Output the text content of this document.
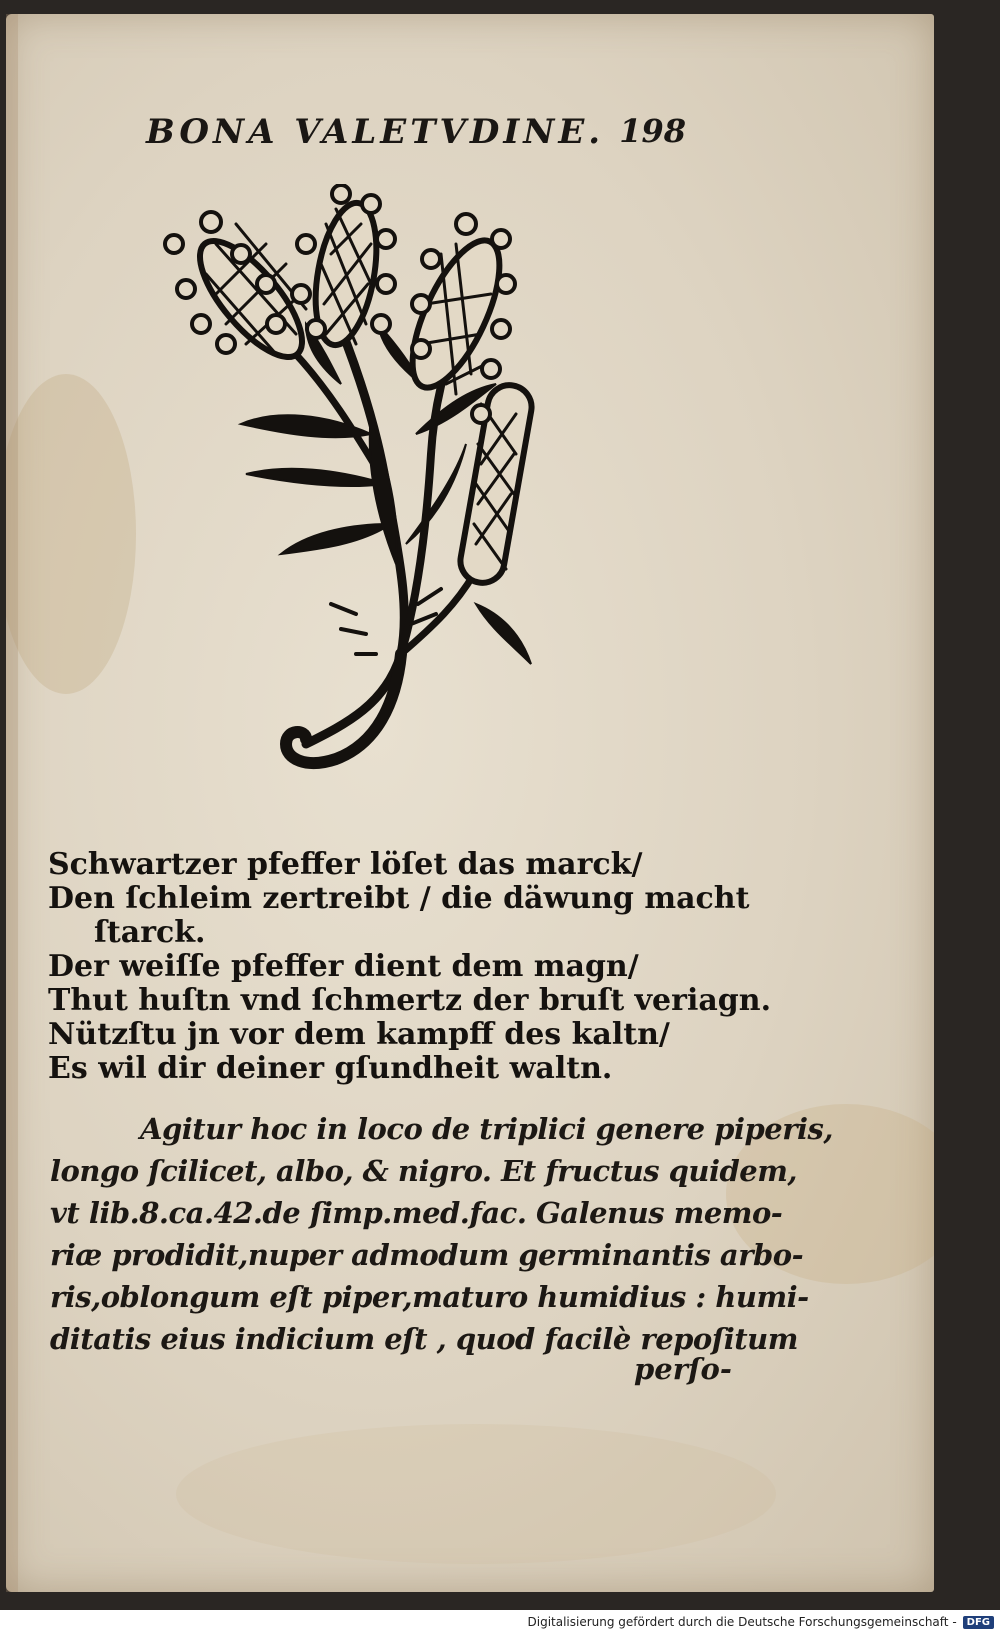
BONA VALETVDINE. 198
Schwartzer pfeffer löſet das marck/
Den ſchleim zertreibt / die däwung macht
ſtarck.
Der weiſſe pfeffer dient dem magn/
Thut huſtn vnd ſchmertz der bruſt veriagn.
Nützſtu jn vor dem kampff des kaltn/
Es wil dir deiner gſundheit waltn.
Agitur hoc in loco de triplici genere piperis,
longo ſcilicet, albo, & nigro. Et fructus quidem,
vt lib.8.ca.42.de ſimp.med.fac. Galenus memo-
riæ prodidit,nuper admodum germinantis arbo-
ris,oblongum eſt piper,maturo humidius : humi-
ditatis eius indicium eſt , quod facilè repoſitum
perſo-
Digitalisierung gefördert durch die Deutsche Forschungsgemeinschaft -	DFG
